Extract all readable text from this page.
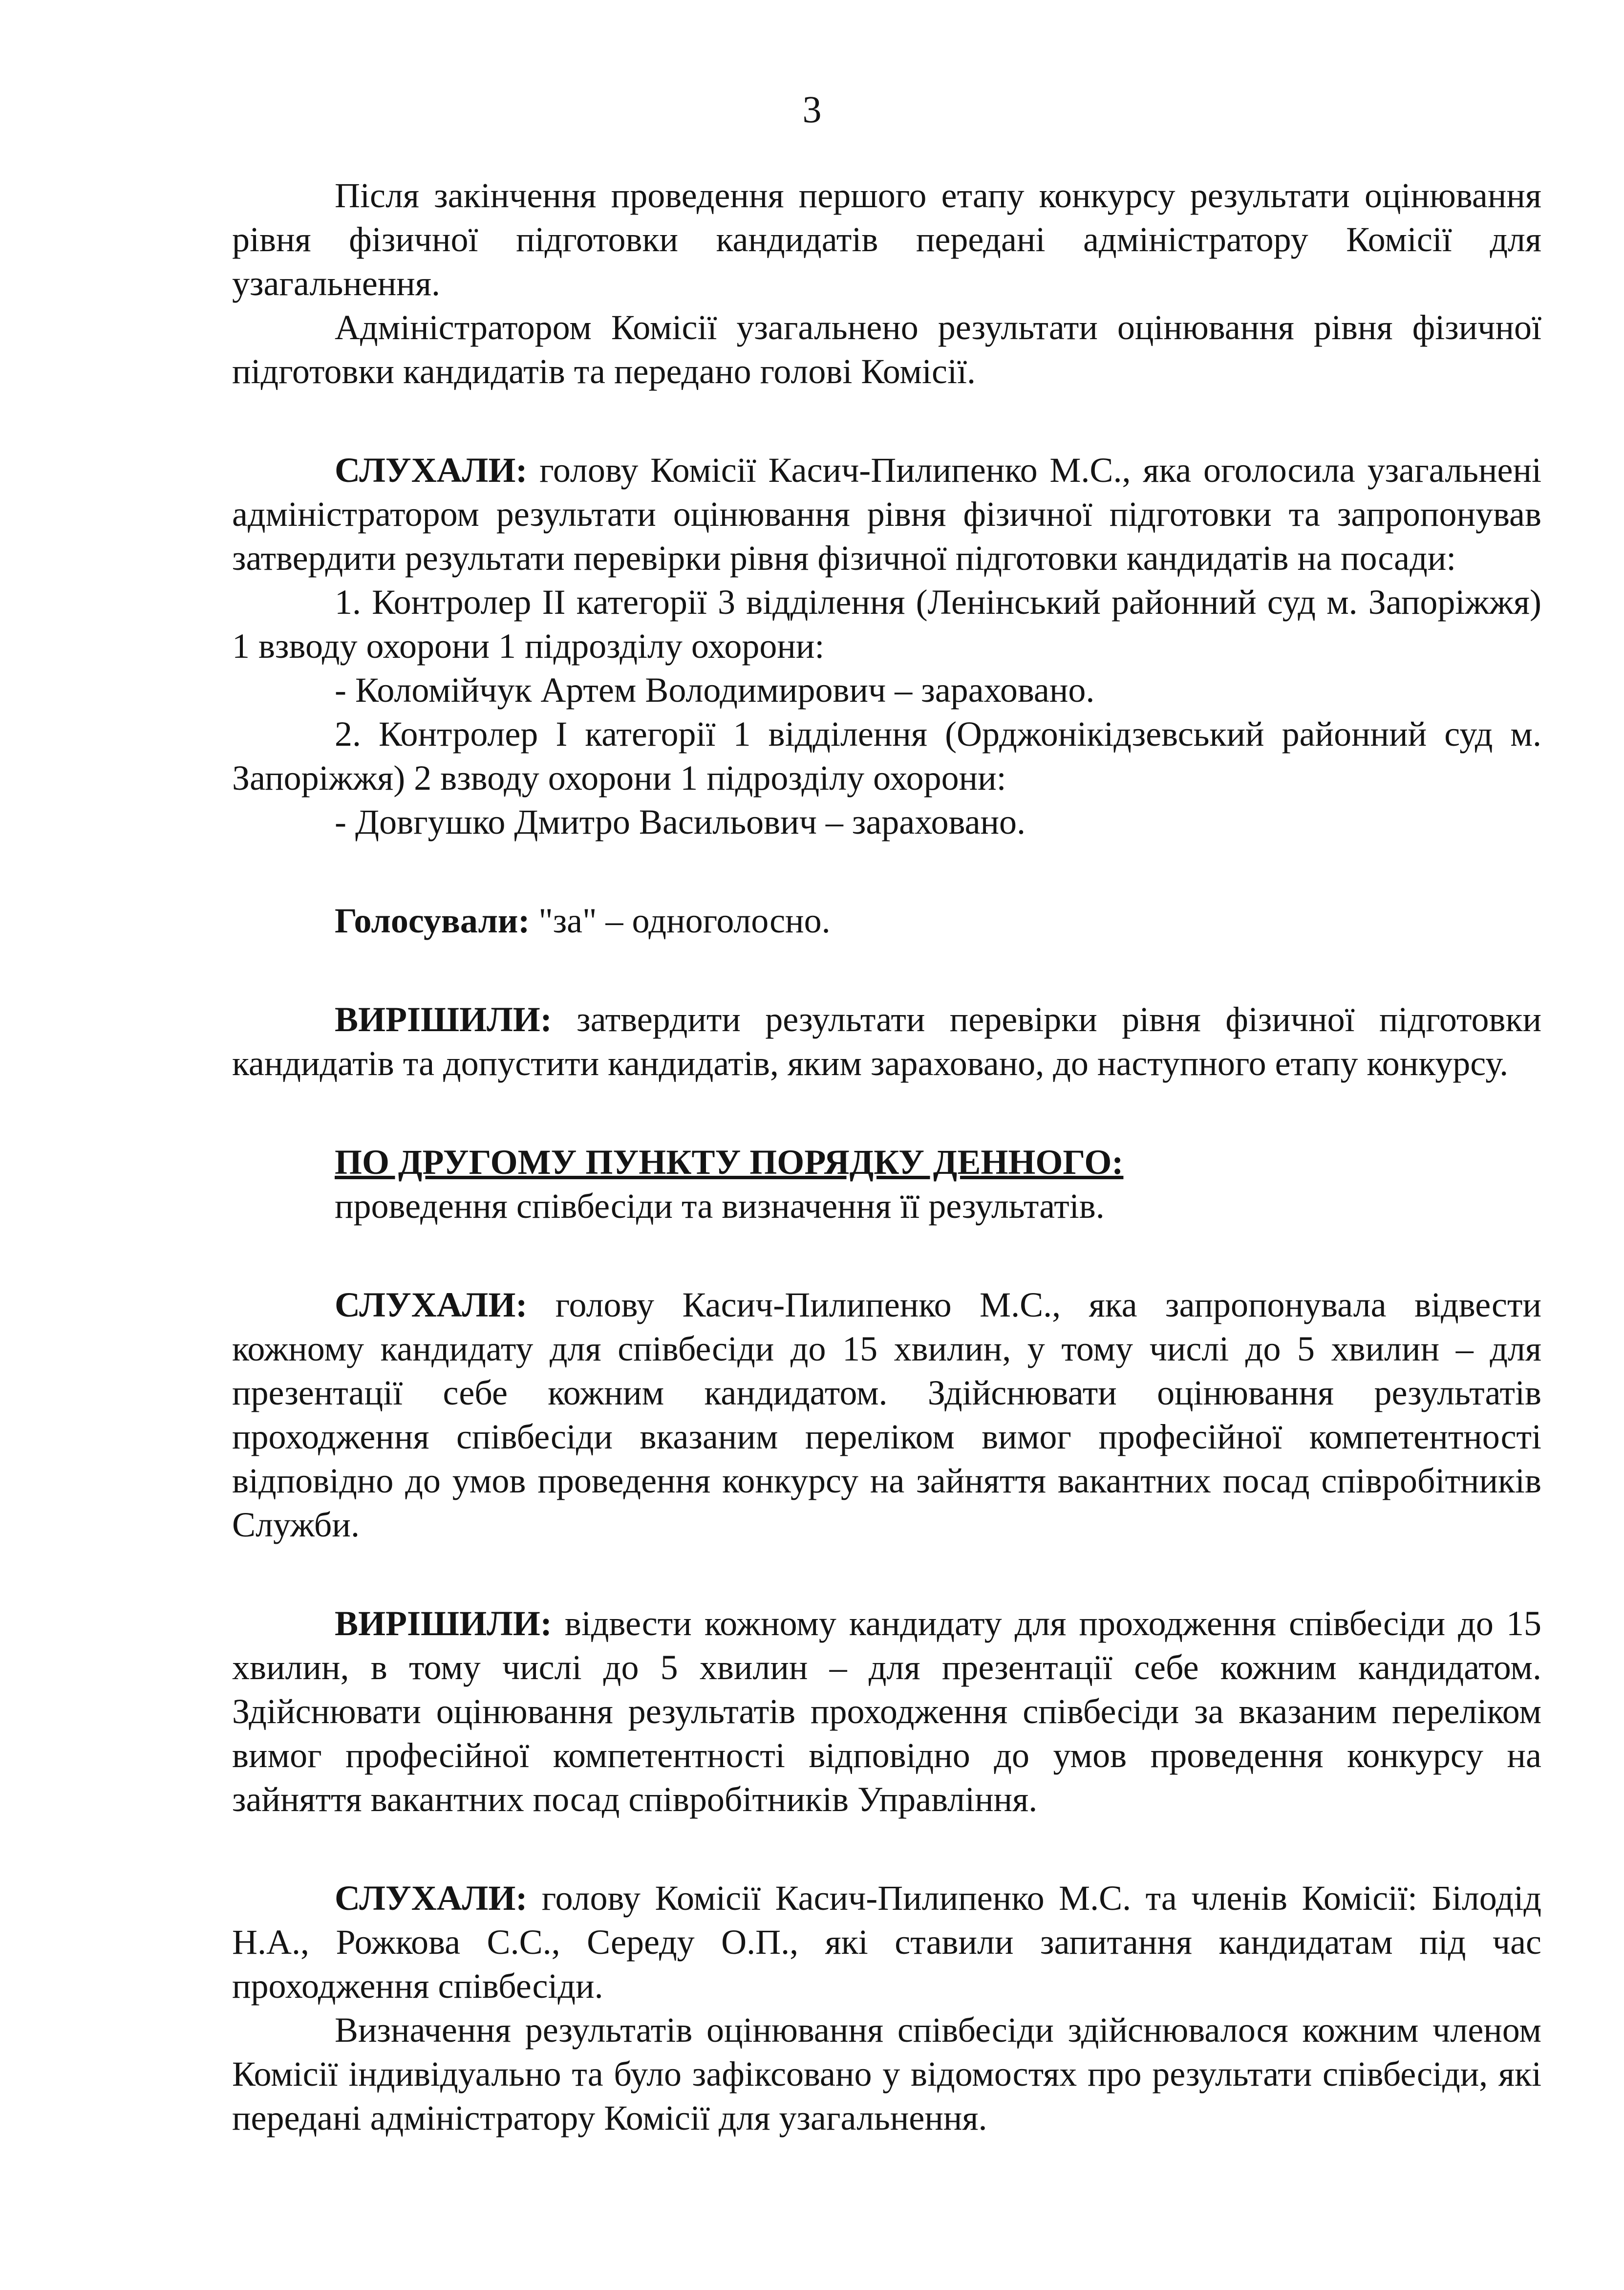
3

Після закінчення проведення першого етапу конкурсу результати оцінювання рівня фізичної підготовки кандидатів передані адміністратору Комісії для узагальнення.

Адміністратором Комісії узагальнено результати оцінювання рівня фізичної підготовки кандидатів та передано голові Комісії.

СЛУХАЛИ: голову Комісії Касич-Пилипенко М.С., яка оголосила узагальнені адміністратором результати оцінювання рівня фізичної підготовки та запропонував затвердити результати перевірки рівня фізичної підготовки кандидатів на посади:

1. Контролер ІІ категорії 3 відділення (Ленінський районний суд м. Запоріжжя) 1 взводу охорони 1 підрозділу охорони:

- Коломійчук Артем Володимирович – зараховано.

2. Контролер І категорії 1 відділення (Орджонікідзевський районний суд м. Запоріжжя) 2 взводу охорони 1 підрозділу охорони:

- Довгушко Дмитро Васильович – зараховано.

Голосували: "за" – одноголосно.

ВИРІШИЛИ: затвердити результати перевірки рівня фізичної підготовки кандидатів та допустити кандидатів, яким зараховано, до наступного етапу конкурсу.

ПО ДРУГОМУ ПУНКТУ ПОРЯДКУ ДЕННОГО:

проведення співбесіди та визначення її результатів.

СЛУХАЛИ: голову Касич-Пилипенко М.С., яка запропонувала відвести кожному кандидату для співбесіди до 15 хвилин, у тому числі до 5 хвилин – для презентації себе кожним кандидатом. Здійснювати оцінювання результатів проходження співбесіди вказаним переліком вимог професійної компетентності відповідно до умов проведення конкурсу на зайняття вакантних посад співробітників Служби.

ВИРІШИЛИ: відвести кожному кандидату для проходження співбесіди до 15 хвилин, в тому числі до 5 хвилин – для презентації себе кожним кандидатом. Здійснювати оцінювання результатів проходження співбесіди за вказаним переліком вимог професійної компетентності відповідно до умов проведення конкурсу на зайняття вакантних посад співробітників Управління.

СЛУХАЛИ: голову Комісії Касич-Пилипенко М.С. та членів Комісії: Білодід Н.А., Рожкова С.С., Середу О.П., які ставили запитання кандидатам під час проходження співбесіди.

Визначення результатів оцінювання співбесіди здійснювалося кожним членом Комісії індивідуально та було зафіксовано у відомостях про результати співбесіди, які передані адміністратору Комісії для узагальнення.
